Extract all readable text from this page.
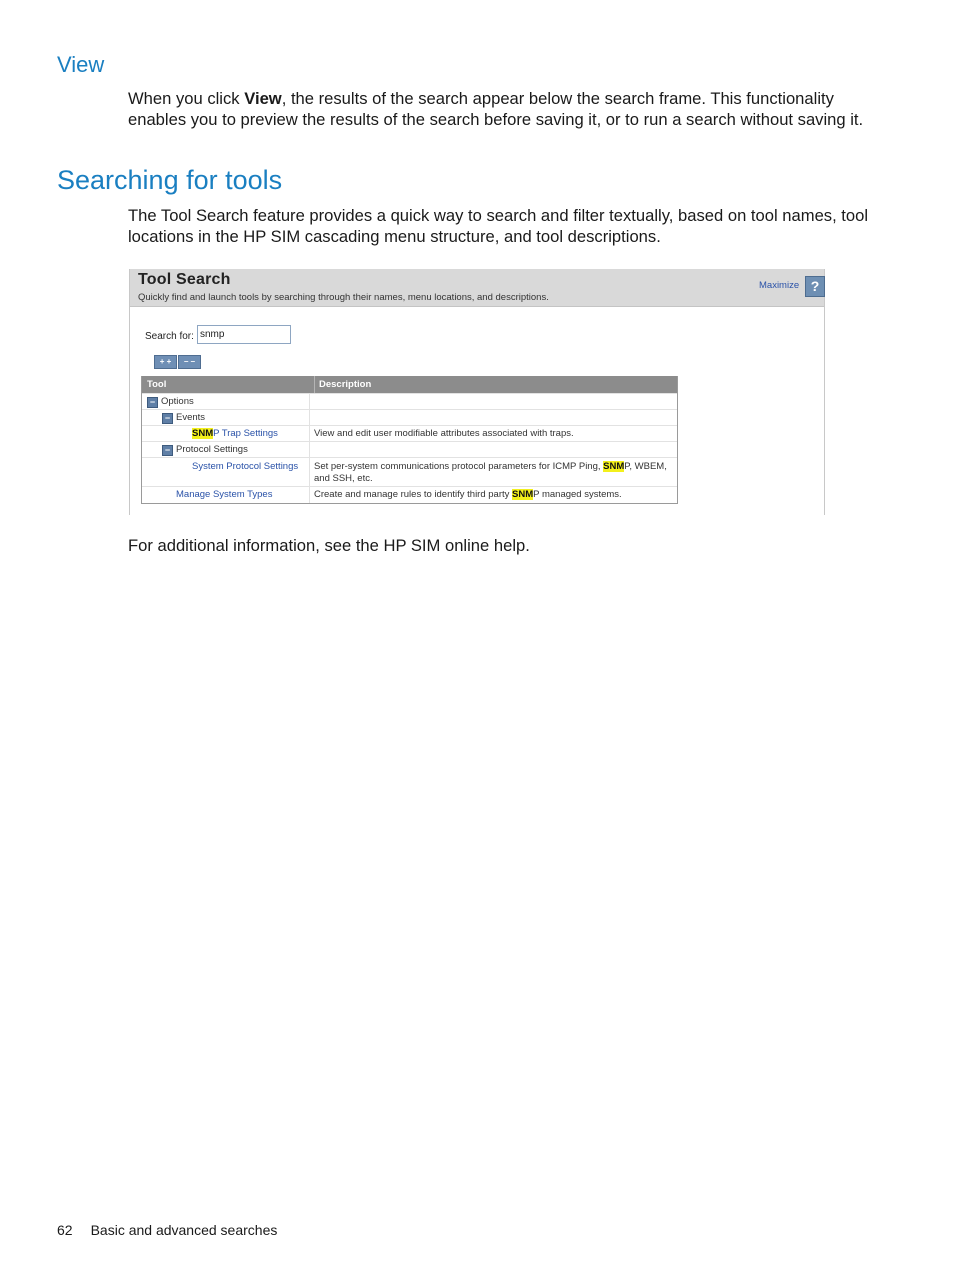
View

When you click View, the results of the search appear below the search frame. This functionality enables you to preview the results of the search before saving it, or to run a search without saving it.

Searching for tools

The Tool Search feature provides a quick way to search and filter textually, based on tool names, tool locations in the HP SIM cascading menu structure, and tool descriptions.

Tool Search
Quickly find and launch tools by searching through their names, menu locations, and descriptions.
Maximize ?
Search for:
snmp
+ +	– –
Tool	Description
− Options
− Events
SNMP Trap Settings	View and edit user modifiable attributes associated with traps.
− Protocol Settings
System Protocol Settings	Set per-system communications protocol parameters for ICMP Ping, SNMP, WBEM, and SSH, etc.
Manage System Types	Create and manage rules to identify third party SNMP managed systems.

For additional information, see the HP SIM online help.

62 Basic and advanced searches
